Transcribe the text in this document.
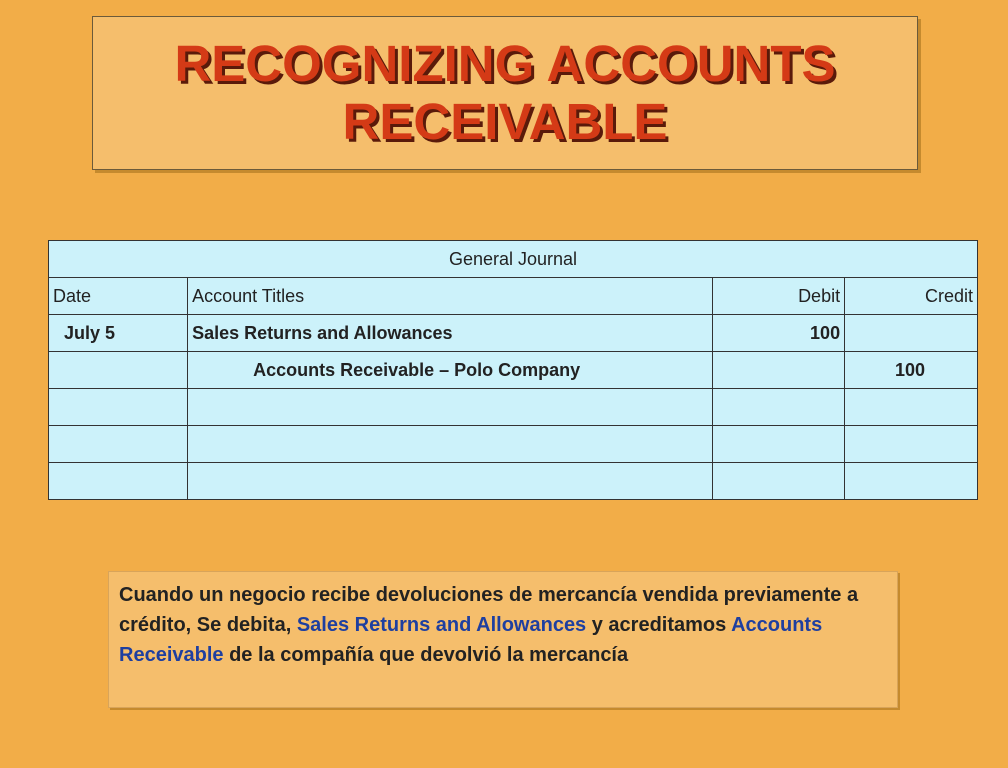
RECOGNIZING ACCOUNTS
RECEIVABLE
General Journal			
Date	Account Titles	Debit	Credit
July 5	Sales Returns and Allowances	100	
	Accounts Receivable – Polo Company		100

Cuando un negocio recibe devoluciones de mercancía vendida previamente a crédito, Se debita, Sales Returns and Allowances y acreditamos Accounts Receivable de la compañía que devolvió la mercancía
